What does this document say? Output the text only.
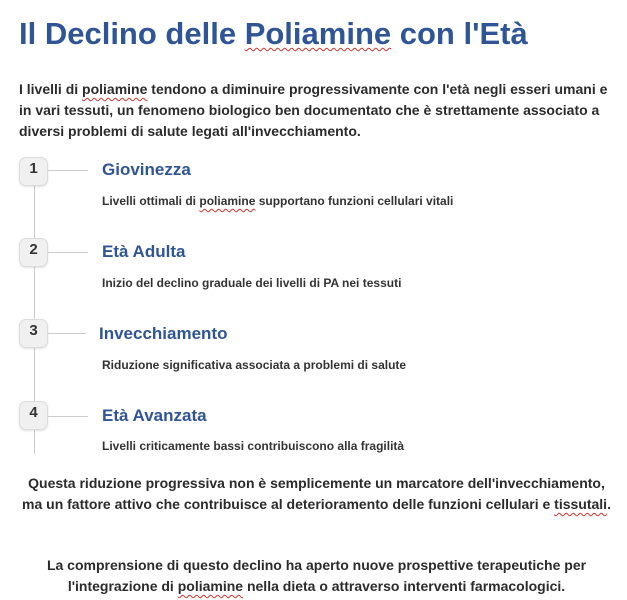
Il Declino delle Poliamine con l'Età

I livelli di poliamine tendono a diminuire progressivamente con l'età negli esseri umani e in vari tessuti, un fenomeno biologico ben documentato che è strettamente associato a diversi problemi di salute legati all'invecchiamento.

1	Giovinezza

Livelli ottimali di poliamine supportano funzioni cellulari vitali

2	Età Adulta

Inizio del declino graduale dei livelli di PA nei tessuti

3	Invecchiamento

Riduzione significativa associata a problemi di salute

4	Età Avanzata

Livelli criticamente bassi contribuiscono alla fragilità

Questa riduzione progressiva non è semplicemente un marcatore dell'invecchiamento, ma un fattore attivo che contribuisce al deterioramento delle funzioni cellulari e tissutali.

La comprensione di questo declino ha aperto nuove prospettive terapeutiche per l'integrazione di poliamine nella dieta o attraverso interventi farmacologici.
